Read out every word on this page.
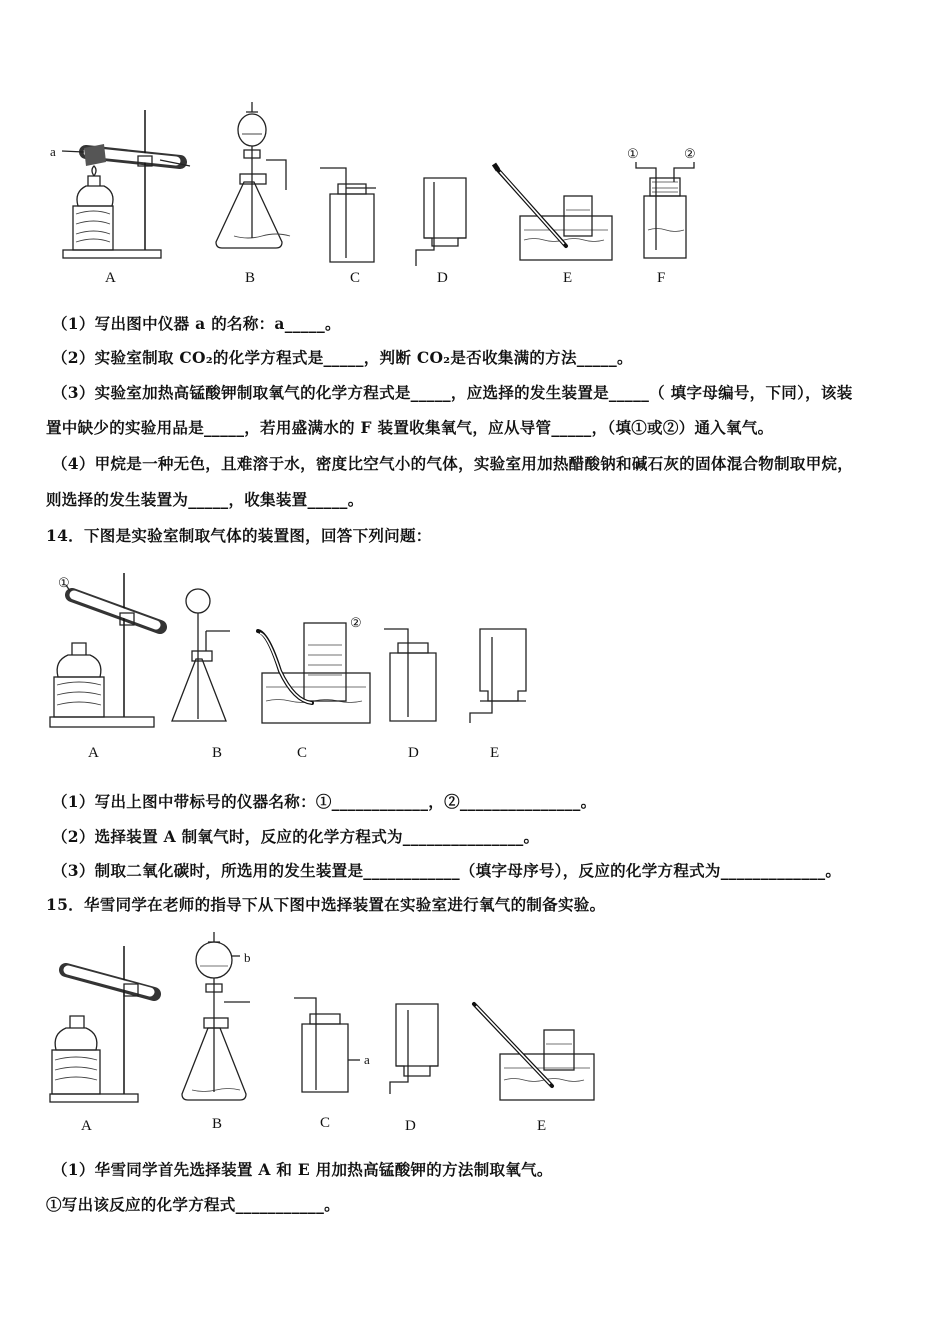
A	B	C	D	E	F
a	①	②
（1）写出图中仪器 a 的名称：a_____。
（2）实验室制取 CO₂的化学方程式是_____，判断 CO₂是否收集满的方法_____。
（3）实验室加热高锰酸钾制取氧气的化学方程式是_____，应选择的发生装置是_____（ 填字母编号，下同），该装
置中缺少的实验用品是_____，若用盛满水的 F 装置收集氧气，应从导管_____，（填①或②）通入氧气。
（4）甲烷是一种无色，且难溶于水，密度比空气小的气体，实验室用加热醋酸钠和碱石灰的固体混合物制取甲烷，
则选择的发生装置为_____，收集装置_____。
14．下图是实验室制取气体的装置图，回答下列问题：
A	B	C	D	E
①
②
（1）写出上图中带标号的仪器名称：①____________，②_______________。
（2）选择装置 A 制氧气时，反应的化学方程式为_______________。
（3）制取二氧化碳时，所选用的发生装置是____________（填字母序号），反应的化学方程式为_____________。
15．华雪同学在老师的指导下从下图中选择装置在实验室进行氧气的制备实验。
A	B	C	D	E
b
a
（1）华雪同学首先选择装置 A 和 E 用加热高锰酸钾的方法制取氧气。
①写出该反应的化学方程式___________。
